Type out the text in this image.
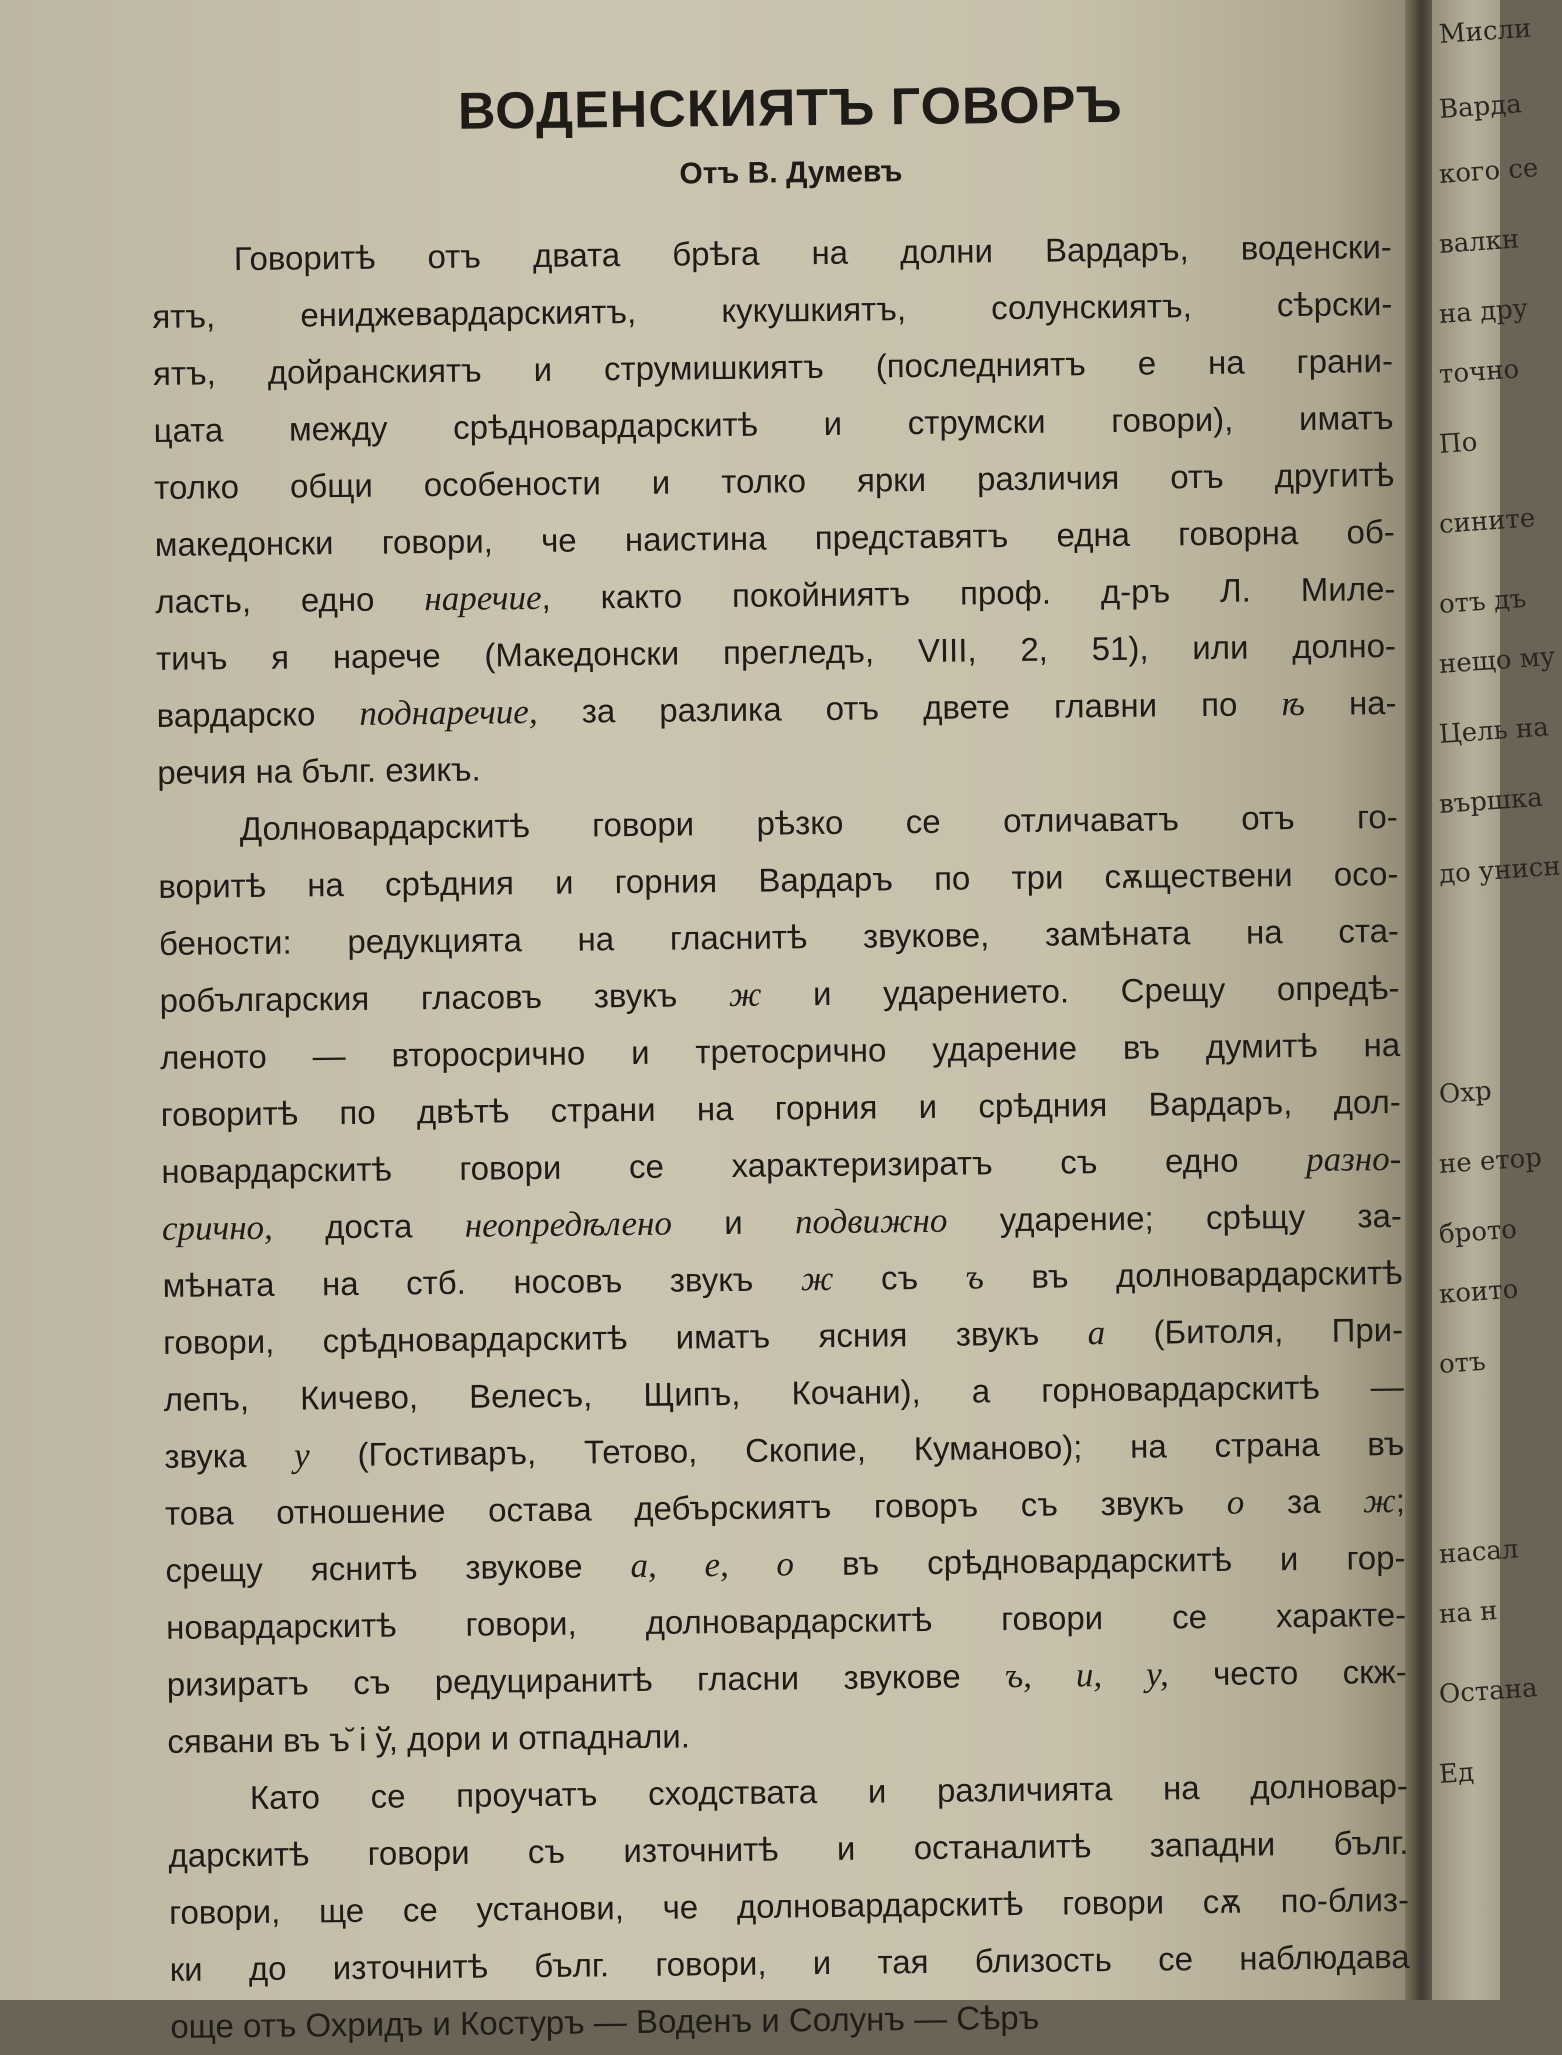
Мисли
Варда
кого се
валкн
на дру
точно
По
сините
отъ дъ
нещо му
Цель на
вършка
до унисн
Охр
не етор
брото
които
отъ
насал
на н
Остана
Ед
ВОДЕНСКИЯТЪ ГОВОРЪ
Отъ В. Думевъ
Говоритѣ отъ двата брѣга на долни Вардаръ, воденски-
ятъ, ениджевардарскиятъ, кукушкиятъ, солунскиятъ, сѣрски-
ятъ, дойранскиятъ и струмишкиятъ (последниятъ е на грани-
цата между срѣдновардарскитѣ и струмски говори), иматъ
толко общи особености и толко ярки различия отъ другитѣ
македонски говори, че наистина представятъ една говорна об-
ласть, едно наречие, както покойниятъ проф. д-ръ Л. Миле-
тичъ я нарече (Македонски прегледъ, VIII, 2, 51), или долно-
вардарско поднаречие, за разлика отъ двете главни по ѣ на-
речия на бълг. езикъ.
Долновардарскитѣ говори рѣзко се отличаватъ отъ го-
воритѣ на срѣдния и горния Вардаръ по три сѫществени осо-
бености: редукцията на гласнитѣ звукове, замѣната на ста-
робългарския гласовъ звукъ ж и ударението. Срещу опредѣ-
леното — второсрично и третосрично ударение въ думитѣ на
говоритѣ по двѣтѣ страни на горния и срѣдния Вардаръ, дол-
новардарскитѣ говори се характеризиратъ съ едно разно-
срично, доста неопредѣлено и подвижно ударение; срѣщу за-
мѣната на стб. носовъ звукъ ж съ ъ въ долновардарскитѣ
говори, срѣдновардарскитѣ иматъ ясния звукъ а (Битоля, При-
лепъ, Кичево, Велесъ, Щипъ, Кочани), а горновардарскитѣ —
звука у (Гостиваръ, Тетово, Скопие, Куманово); на страна въ
това отношение остава дебърскиятъ говоръ съ звукъ о за ж;
срещу яснитѣ звукове а, е, о въ срѣдновардарскитѣ и гор-
новардарскитѣ говори, долновардарскитѣ говори се характе-
ризиратъ съ редуциранитѣ гласни звукове ъ, и, у, често скж-
сявани въ ъ̆ і ў, дори и отпаднали.
Като се проучатъ сходствата и различията на долновар-
дарскитѣ говори съ източнитѣ и останалитѣ западни бълг.
говори, ще се установи, че долновардарскитѣ говори сѫ по-близ-
ки до източнитѣ бълг. говори, и тая близость се наблюдава
още отъ Охридъ и Костуръ — Воденъ и Солунъ — Сѣръ
